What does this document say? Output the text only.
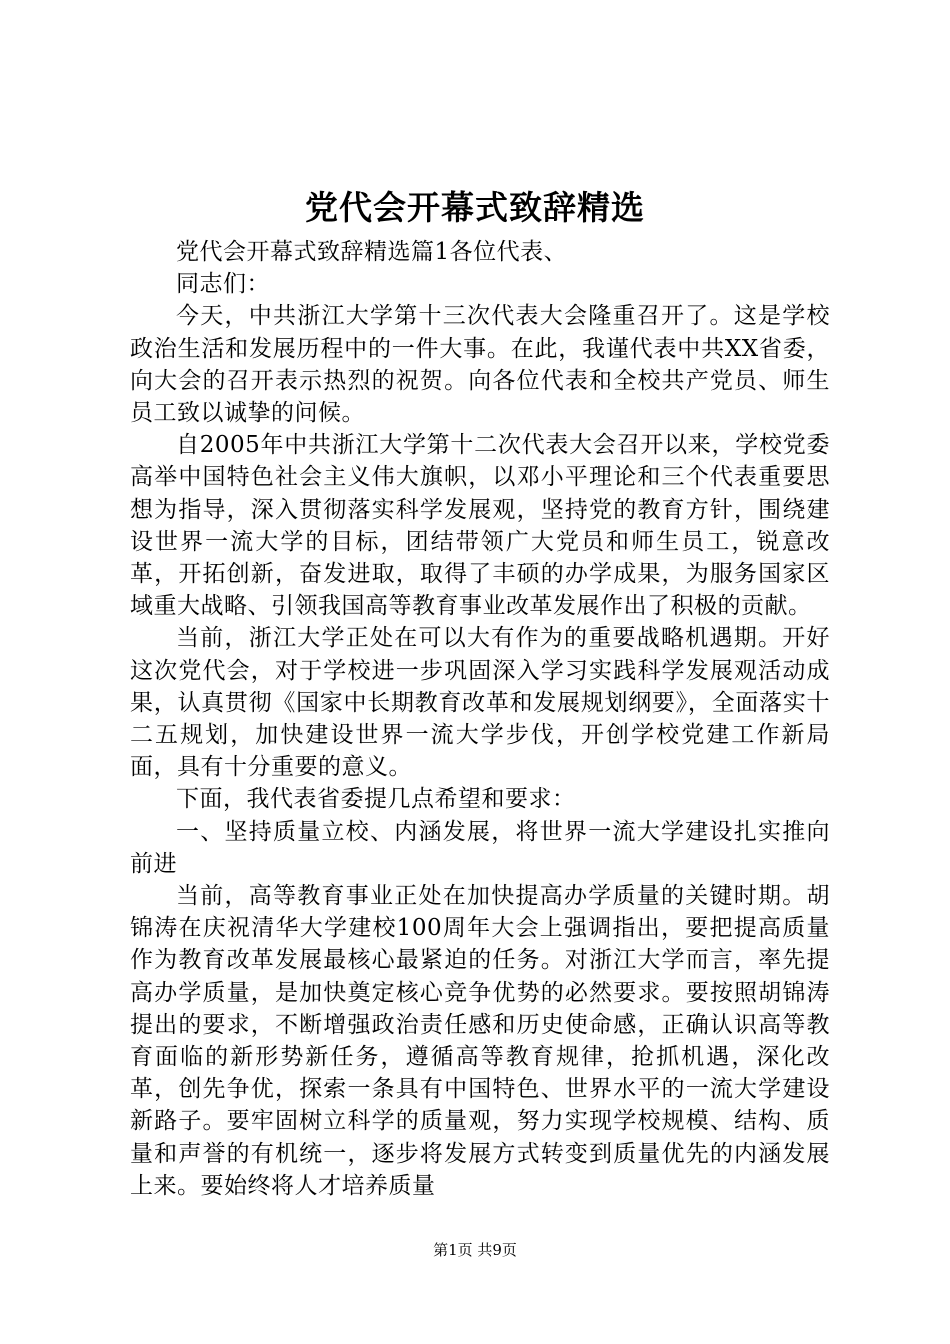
党代会开幕式致辞精选

党代会开幕式致辞精选篇1各位代表、

同志们：

今天，中共浙江大学第十三次代表大会隆重召开了。这是学校政治生活和发展历程中的一件大事。在此，我谨代表中共XX省委，向大会的召开表示热烈的祝贺。向各位代表和全校共产党员、师生员工致以诚挚的问候。

自2005年中共浙江大学第十二次代表大会召开以来，学校党委高举中国特色社会主义伟大旗帜，以邓小平理论和三个代表重要思想为指导，深入贯彻落实科学发展观，坚持党的教育方针，围绕建设世界一流大学的目标，团结带领广大党员和师生员工，锐意改革，开拓创新，奋发进取，取得了丰硕的办学成果，为服务国家区域重大战略、引领我国高等教育事业改革发展作出了积极的贡献。

当前，浙江大学正处在可以大有作为的重要战略机遇期。开好这次党代会，对于学校进一步巩固深入学习实践科学发展观活动成果，认真贯彻《国家中长期教育改革和发展规划纲要》，全面落实十二五规划，加快建设世界一流大学步伐，开创学校党建工作新局面，具有十分重要的意义。

下面，我代表省委提几点希望和要求：

一、坚持质量立校、内涵发展，将世界一流大学建设扎实推向前进

当前，高等教育事业正处在加快提高办学质量的关键时期。胡锦涛在庆祝清华大学建校100周年大会上强调指出，要把提高质量作为教育改革发展最核心最紧迫的任务。对浙江大学而言，率先提高办学质量，是加快奠定核心竞争优势的必然要求。要按照胡锦涛提出的要求，不断增强政治责任感和历史使命感，正确认识高等教育面临的新形势新任务，遵循高等教育规律，抢抓机遇，深化改革，创先争优，探索一条具有中国特色、世界水平的一流大学建设新路子。要牢固树立科学的质量观，努力实现学校规模、结构、质量和声誉的有机统一，逐步将发展方式转变到质量优先的内涵发展上来。要始终将人才培养质量

第1页 共9页
